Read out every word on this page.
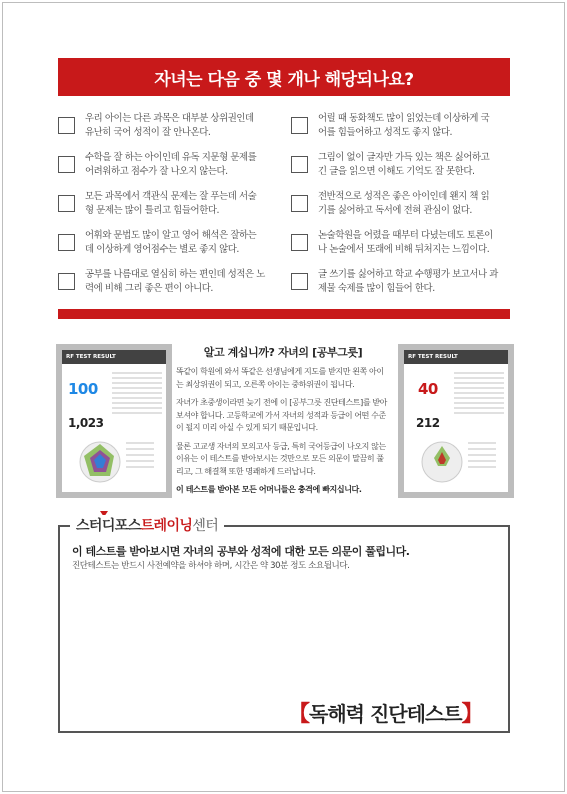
자녀는 다음 중 몇 개나 해당되나요?
우리 아이는 다른 과목은 대부분 상위권인데
유난히 국어 성적이 잘 안나온다.
어릴 때 동화책도 많이 읽었는데 이상하게 국
어를 힘들어하고 성적도 좋지 않다.
수학을 잘 하는 아이인데 유독 지문형 문제를
어려워하고 점수가 잘 나오지 않는다.
그림이 없이 글자만 가득 있는 책은 싫어하고
긴 글을 읽으면 이해도 기억도 잘 못한다.
모든 과목에서 객관식 문제는 잘 푸는데 서술
형 문제는 많이 틀리고 힘들어한다.
전반적으로 성적은 좋은 아이인데 왠지 책 읽
기를 싫어하고 독서에 전혀 관심이 없다.
어휘와 문법도 많이 알고 영어 해석은 잘하는
데 이상하게 영어점수는 별로 좋지 않다.
논술학원을 어렸을 때부터 다녔는데도 토론이
나 논술에서 또래에 비해 뒤처지는 느낌이다.
공부를 나름대로 열심히 하는 편인데 성적은 노
력에 비해 그리 좋은 편이 아니다.
글 쓰기를 싫어하고 학교 수행평가 보고서나 과
제물 숙제를 많이 힘들어 한다.
RF TEST RESULT
100
1,023
알고 계십니까? 자녀의 [공부그릇]

똑같이 학원에 와서 똑같은 선생님에게 지도를 받지만 왼쪽 아이는 최상위권이 되고, 오른쪽 아이는 중하위권이 됩니다.

자녀가 초중생이라면 늦기 전에 이 [공부그릇 진단테스트]를 받아보셔야 합니다. 고등학교에 가서 자녀의 성적과 등급이 어떤 수준이 될지 미리 아실 수 있게 되기 때문입니다.

물론 고교생 자녀의 모의고사 등급, 특히 국어등급이 나오지 않는 이유는 이 테스트를 받아보시는 것만으로 모든 의문이 말끔히 풀리고, 그 해결책 또한 명쾌하게 드러납니다.

이 테스트를 받아본 모든 어머니들은 충격에 빠지십니다.

RF TEST RESULT
40
212
스터디포스 트레이닝 센터
이 테스트를 받아보시면 자녀의 공부와 성적에 대한 모든 의문이 풀립니다.
진단테스트는 반드시 사전예약을 하셔야 하며, 시간은 약 30분 정도 소요됩니다.
【 독해력 진단테스트 】
